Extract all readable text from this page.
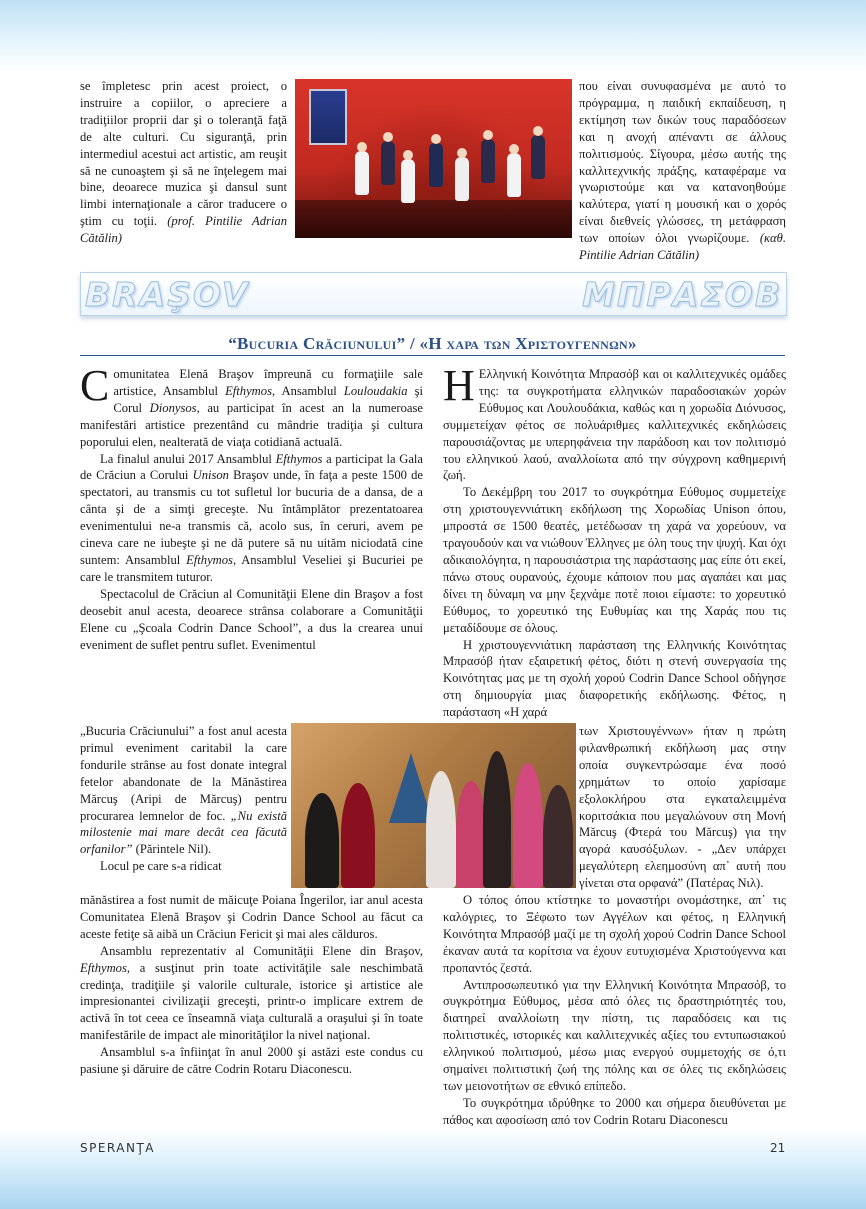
se împletesc prin acest proiect, o instruire a copiilor, o apreciere a tradiţiilor proprii dar şi o toleranţă faţă de alte culturi. Cu siguranţă, prin intermediul acestui act artistic, am reuşit să ne cunoaştem şi să ne înţelegem mai bine, deoarece muzica şi dansul sunt limbi internaţionale a căror traducere o ştim cu toţii. (prof. Pintilie Adrian Cătălin)

που είναι συνυφασμένα με αυτό το πρόγραμμα, η παιδική εκπαίδευση, η εκτίμηση των δικών τους παραδόσεων και η ανοχή απέναντι σε άλλους πολιτισμούς. Σίγουρα, μέσω αυτής της καλλιτεχνικής πράξης, καταφέραμε να γνωριστούμε και να κατανοηθούμε καλύτερα, γιατί η μουσική και ο χορός είναι διεθνείς γλώσσες, τη μετάφραση των οποίων όλοι γνωρίζουμε. (καθ. Pintilie Adrian Cătălin)

BRAŞOV	ΜΠΡΑΣΟΒ
“Bucuria Crăciunului” / «Η χαρα των Χριστουγεννων»

Comunitatea Elenă Braşov împreună cu formaţiile sale artistice, Ansamblul Efthymos, Ansamblul Louloudakia şi Corul Dionysos, au participat în acest an la numeroase manifestări artistice prezentând cu mândrie tradiţia şi cultura poporului elen, nealterată de viaţa cotidiană actuală.

La finalul anului 2017 Ansamblul Efthymos a participat la Gala de Crăciun a Corului Unison Braşov unde, în faţa a peste 1500 de spectatori, au transmis cu tot sufletul lor bucuria de a dansa, de a cânta şi de a simţi greceşte. Nu întâmplător prezentatoarea evenimentului ne-a transmis că, acolo sus, în ceruri, avem pe cineva care ne iubeşte şi ne dă putere să nu uităm niciodată cine suntem: Ansamblul Efthymos, Ansamblul Veseliei şi Bucuriei pe care le transmitem tuturor.

Spectacolul de Crăciun al Comunităţii Elene din Braşov a fost deosebit anul acesta, deoarece strânsa colaborare a Comunităţii Elene cu „Şcoala Codrin Dance School”, a dus la crearea unui eveniment de suflet pentru suflet. Evenimentul

„Bucuria Crăciunului” a fost anul acesta primul eveniment caritabil la care fondurile strânse au fost donate integral fetelor abandonate de la Mănăstirea Mărcuş (Aripi de Mărcuş) pentru procurarea lemnelor de foc. „Nu există milostenie mai mare decât cea făcută orfanilor” (Părintele Nil).

Locul pe care s-a ridicat

mănăstirea a fost numit de măicuţe Poiana Îngerilor, iar anul acesta Comunitatea Elenă Braşov şi Codrin Dance School au făcut ca aceste fetiţe să aibă un Crăciun Fericit şi mai ales călduros.

Ansamblu reprezentativ al Comunităţii Elene din Braşov, Efthymos, a susţinut prin toate activităţile sale neschimbată credinţa, tradiţiile şi valorile culturale, istorice şi artistice ale impresionantei civilizaţii greceşti, printr-o implicare extrem de activă în tot ceea ce înseamnă viaţa culturală a oraşului şi în toate manifestările de impact ale minorităţilor la nivel naţional.

Ansamblul s-a înfiinţat în anul 2000 şi astăzi este condus cu pasiune şi dăruire de către Codrin Rotaru Diaconescu.

Η Ελληνική Κοινότητα Μπρασόβ και οι καλλιτεχνικές ομάδες της: τα συγκροτήματα ελληνικών παραδοσιακών χορών Εύθυμος και Λουλουδάκια, καθώς και η χορωδία Διόνυσος, συμμετείχαν φέτος σε πολυάριθμες καλλιτεχνικές εκδηλώσεις παρουσιάζοντας με υπερηφάνεια την παράδοση και τον πολιτισμό του ελληνικού λαού, αναλλοίωτα από την σύγχρονη καθημερινή ζωή.

Το Δεκέμβρη του 2017 το συγκρότημα Εύθυμος συμμετείχε στη χριστουγεννιάτικη εκδήλωση της Χορωδίας Unison όπου, μπροστά σε 1500 θεατές, μετέδωσαν τη χαρά να χορεύουν, να τραγουδούν και να νιώθουν Έλληνες με όλη τους την ψυχή. Και όχι αδικαιολόγητα, η παρουσιάστρια της παράστασης μας είπε ότι εκεί, πάνω στους ουρανούς, έχουμε κάποιον που μας αγαπάει και μας δίνει τη δύναμη να μην ξεχνάμε ποτέ ποιοι είμαστε: το χορευτικό Εύθυμος, το χορευτικό της Ευθυμίας και της Χαράς που τις μεταδίδουμε σε όλους.

Η χριστουγεννιάτικη παράσταση της Ελληνικής Κοινότητας Μπρασόβ ήταν εξαιρετική φέτος, διότι η στενή συνεργασία της Κοινότητας μας με τη σχολή χορού Codrin Dance School οδήγησε στη δημιουργία μιας διαφορετικής εκδήλωσης. Φέτος, η παράσταση «Η χαρά

των Χριστουγέννων» ήταν η πρώτη φιλανθρωπική εκδήλωση μας στην οποία συγκεντρώσαμε ένα ποσό χρημάτων το οποίο χαρίσαμε εξολοκλήρου στα εγκαταλειμμένα κοριτσάκια που μεγαλώνουν στη Μονή Mărcuş (Φτερά του Mărcuş) για την αγορά καυσόξυλων. - „Δεν υπάρχει μεγαλύτερη ελεημοσύνη απ᾽ αυτή που γίνεται στα ορφανά” (Πατέρας Νιλ).

Ο τόπος όπου κτίστηκε το μοναστήρι ονομάστηκε, απ᾽ τις καλόγριες, το Ξέφωτο των Αγγέλων και φέτος, η Ελληνική Κοινότητα Μπρασόβ μαζί με τη σχολή χορού Codrin Dance School έκαναν αυτά τα κορίτσια να έχουν ευτυχισμένα Χριστούγεννα και προπαντός ζεστά.

Αντιπροσωπευτικό για την Ελληνική Κοινότητα Μπρασόβ, το συγκρότημα Εύθυμος, μέσα από όλες τις δραστηριότητές του, διατηρεί αναλλοίωτη την πίστη, τις παραδόσεις και τις πολιτιστικές, ιστορικές και καλλιτεχνικές αξίες του εντυπωσιακού ελληνικού πολιτισμού, μέσω μιας ενεργού συμμετοχής σε ό,τι σημαίνει πολιτιστική ζωή της πόλης και σε όλες τις εκδηλώσεις των μειονοτήτων σε εθνικό επίπεδο.

Το συγκρότημα ιδρύθηκε το 2000 και σήμερα διευθύνεται με πάθος και αφοσίωση από τον Codrin Rotaru Diaconescu

SPERANŢA	21
